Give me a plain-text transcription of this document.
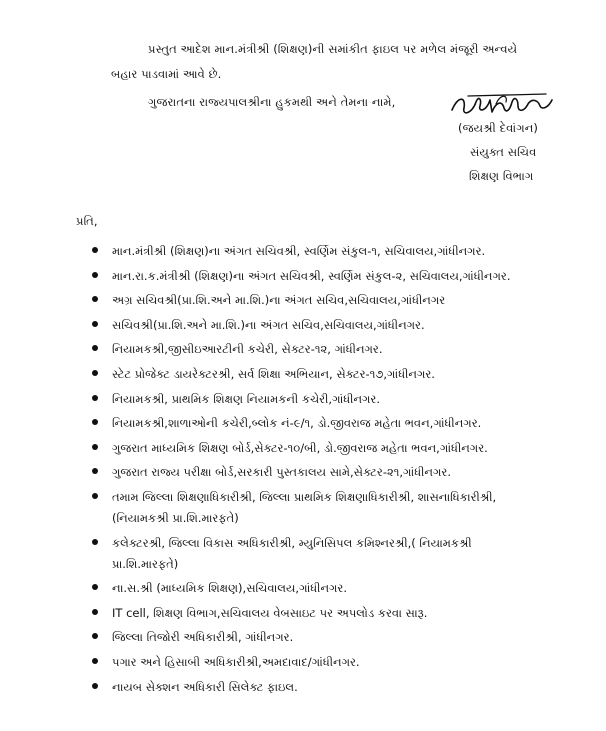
પ્રસ્તુત આદેશ માન.મંત્રીશ્રી (શિક્ષણ)ની સમાંકીત ફાઇલ પર મળેલ મંજૂરી અન્વયે
બહાર પાડવામાં આવે છે.
ગુજરાતના રાજ્યપાલશ્રીના હુકમથી અને તેમના નામે,
(જયશ્રી દેવાંગન)
સંયુક્ત સચિવ
શિક્ષણ વિભાગ
પ્રતિ,
માન.મંત્રીશ્રી (શિક્ષણ)ના અંગત સચિવશ્રી, સ્વર્ણિમ સંકુલ-૧, સચિવાલય,ગાંધીનગર.
માન.રા.ક.મંત્રીશ્રી (શિક્ષણ)ના અંગત સચિવશ્રી, સ્વર્ણિમ સંકુલ-૨, સચિવાલય,ગાંધીનગર.
અગ્ર સચિવશ્રી(પ્રા.શિ.અને મા.શિ.)ના અંગત સચિવ,સચિવાલય,ગાંધીનગર
સચિવશ્રી(પ્રા.શિ.અને મા.શિ.)ના અંગત સચિવ,સચિવાલય,ગાંધીનગર.
નિયામકશ્રી,જીસીઇઆરટીની કચેરી, સેક્ટર-૧૨, ગાંધીનગર.
સ્ટેટ પ્રોજેક્ટ ડાયરેક્ટરશ્રી, સર્વ શિક્ષા અભિયાન, સેક્ટર-૧૭,ગાંધીનગર.
નિયામકશ્રી, પ્રાથમિક શિક્ષણ નિયામકની કચેરી,ગાંધીનગર.
નિયામકશ્રી,શાળાઓની કચેરી,બ્લોક નં-૯/૧, ડો.જીવરાજ મહેતા ભવન,ગાંધીનગર.
ગુજરાત માધ્યમિક શિક્ષણ બોર્ડ,સેક્ટર-૧૦/બી, ડો.જીવરાજ મહેતા ભવન,ગાંધીનગર.
ગુજરાત રાજ્ય પરીક્ષા બોર્ડ,સરકારી પુસ્તકાલય સામે,સેક્ટર-૨૧,ગાંધીનગર.
તમામ જિલ્લા શિક્ષણાધિકારીશ્રી, જિલ્લા પ્રાથમિક શિક્ષણાધિકારીશ્રી, શાસનાધિકારીશ્રી,
(નિયામકશ્રી પ્રા.શિ.મારફતે)
કલેક્ટરશ્રી, જિલ્લા વિકાસ અધિકારીશ્રી, મ્યુનિસિપલ કમિશ્નરશ્રી,( નિયામકશ્રી
પ્રા.શિ.મારફતે)
ના.સ.શ્રી (માધ્યમિક શિક્ષણ),સચિવાલય,ગાંધીનગર.
IT cell, શિક્ષણ વિભાગ,સચિવાલય વેબસાઇટ પર અપલોડ કરવા સારૂ.
જિલ્લા તિજોરી અધિકારીશ્રી, ગાંધીનગર.
પગાર અને હિસાબી અધિકારીશ્રી,અમદાવાદ/ગાંધીનગર.
નાયબ સેક્શન અધિકારી સિલેક્ટ ફાઇલ.
